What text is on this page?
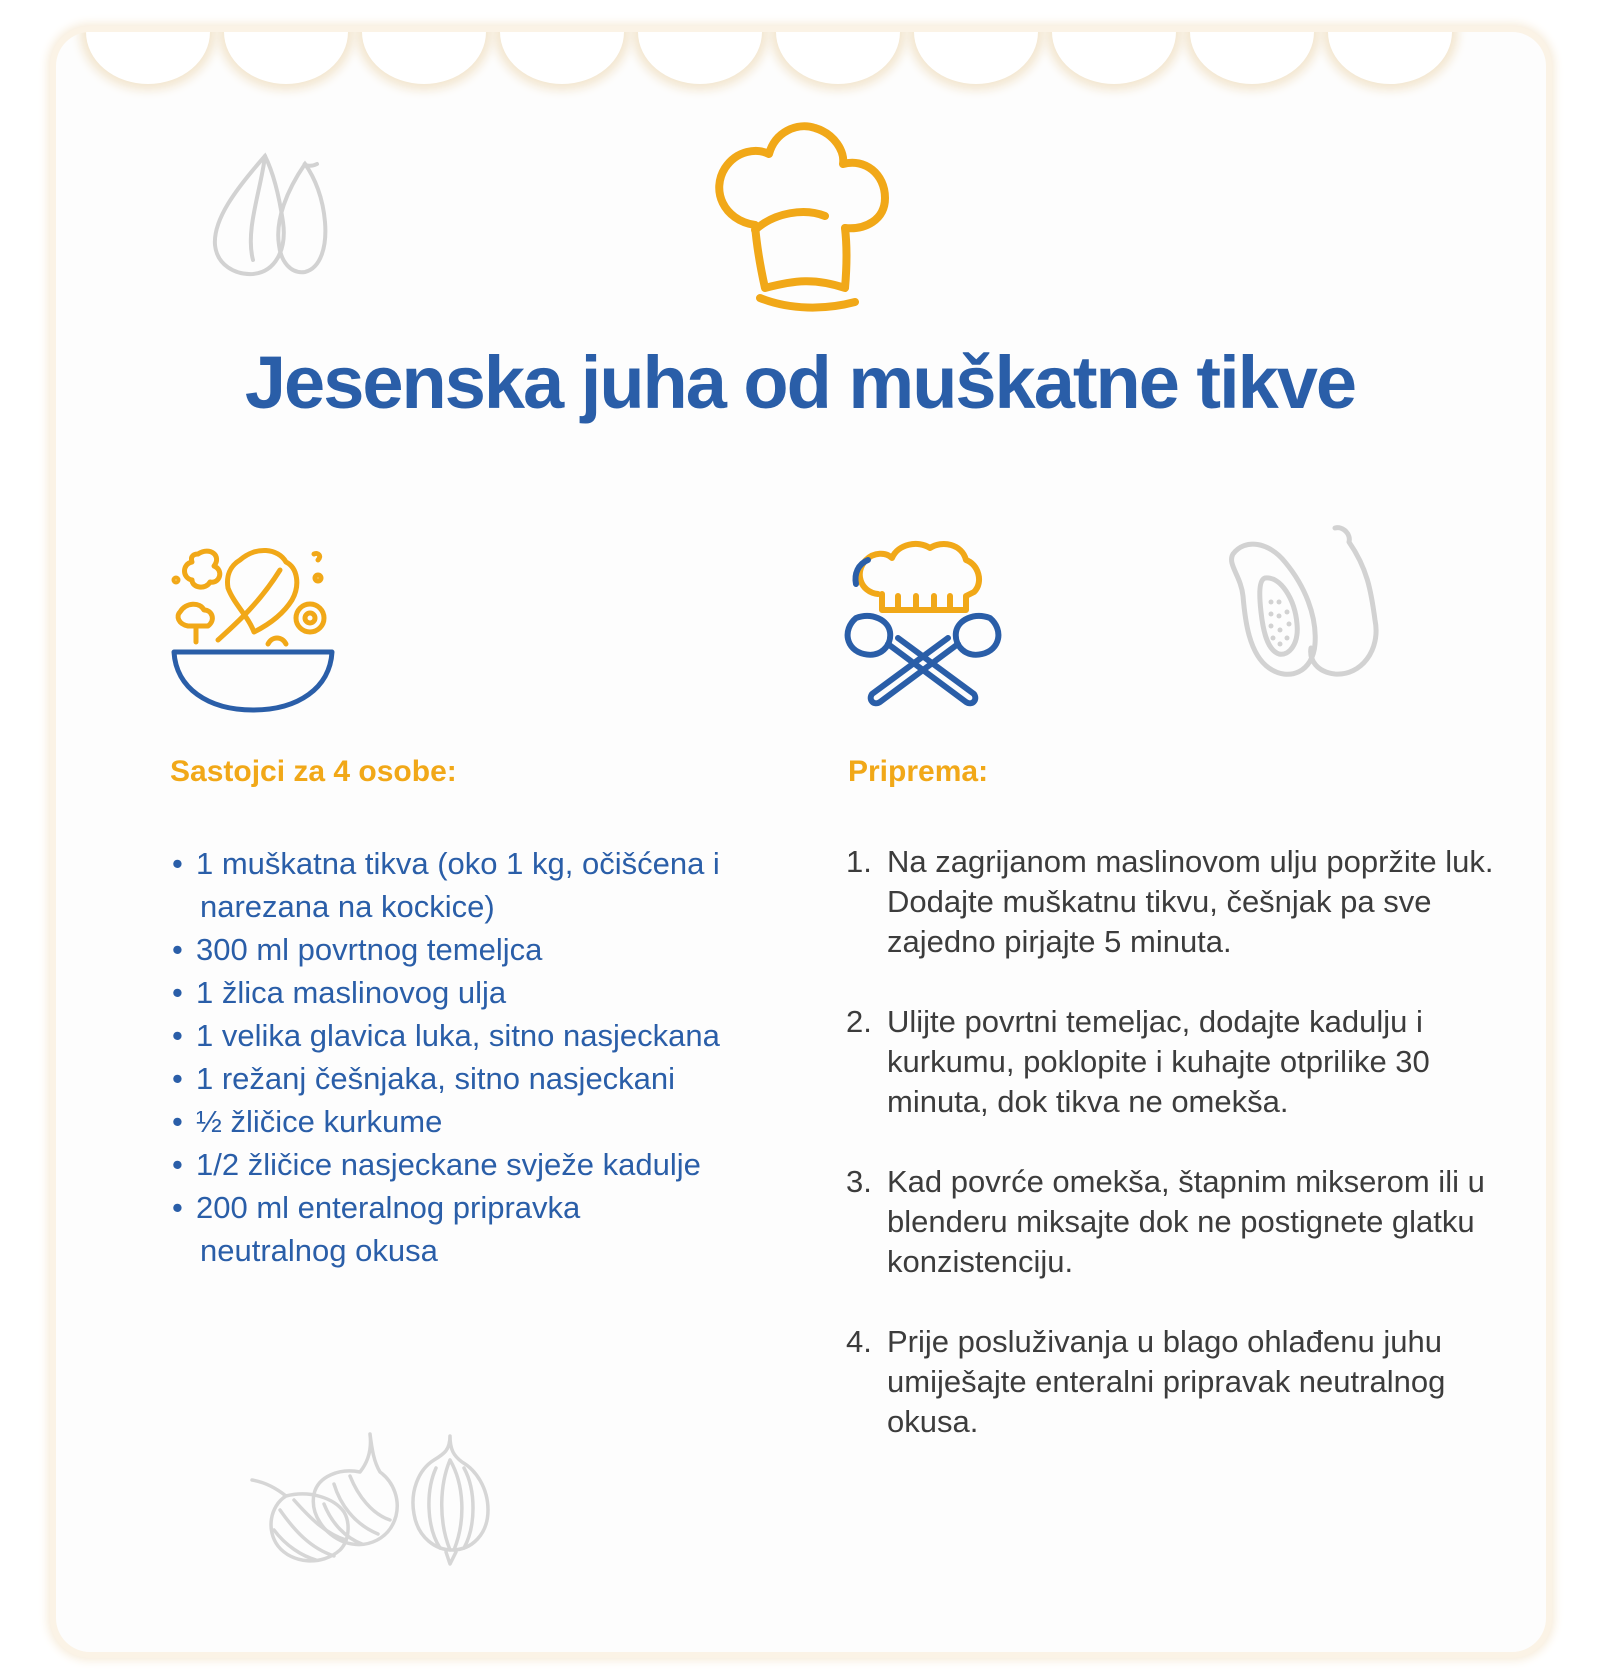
Jesenska juha od muškatne tikve
Sastojci za 4 osobe:
• 1 muškatna tikva (oko 1 kg, očišćena i narezana na kockice)
• 300 ml povrtnog temeljca
• 1 žlica maslinovog ulja
• 1 velika glavica luka, sitno nasjeckana
• 1 režanj češnjaka, sitno nasjeckani
• ½ žličice kurkume
• 1/2 žličice nasjeckane svježe kadulje
• 200 ml enteralnog pripravka neutralnog okusa
Priprema:
1. Na zagrijanom maslinovom ulju popržite luk. Dodajte muškatnu tikvu, češnjak pa sve zajedno pirjajte 5 minuta.
2. Ulijte povrtni temeljac, dodajte kadulju i kurkumu, poklopite i kuhajte otprilike 30 minuta, dok tikva ne omekša.
3. Kad povrće omekša, štapnim mikserom ili u blenderu miksajte dok ne postignete glatku konzistenciju.
4. Prije posluživanja u blago ohlađenu juhu umiješajte enteralni pripravak neutralnog okusa.
